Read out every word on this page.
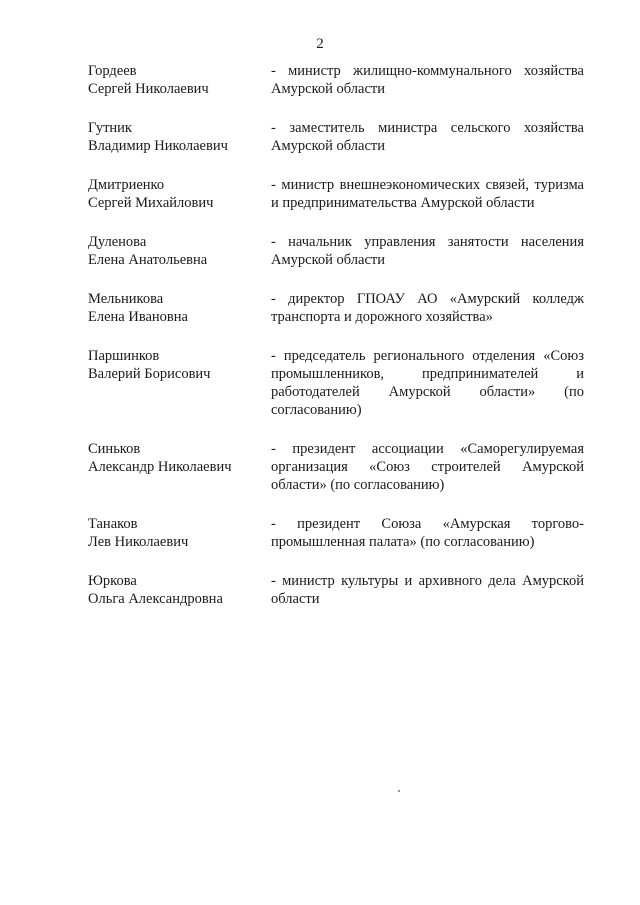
2
Гордеев
Сергей Николаевич
- министр жилищно-коммунального хозяйства Амурской области
Гутник
Владимир Николаевич
- заместитель министра сельского хозяйства Амурской области
Дмитриенко
Сергей Михайлович
- министр внешнеэкономических связей, туризма и предпринимательства Амурской области
Дуленова
Елена Анатольевна
- начальник управления занятости населения Амурской области
Мельникова
Елена Ивановна
- директор ГПОАУ АО «Амурский колледж транспорта и дорожного хозяйства»
Паршинков
Валерий Борисович
- председатель регионального отделения «Союз промышленников, предпринимателей и работодателей Амурской области» (по согласованию)
Синьков
Александр Николаевич
- президент ассоциации «Саморегулируемая организация «Союз строителей Амурской области» (по согласованию)
Танаков
Лев Николаевич
- президент Союза «Амурская торгово-промышленная палата» (по согласованию)
Юркова
Ольга Александровна
- министр культуры и архивного дела Амурской области
